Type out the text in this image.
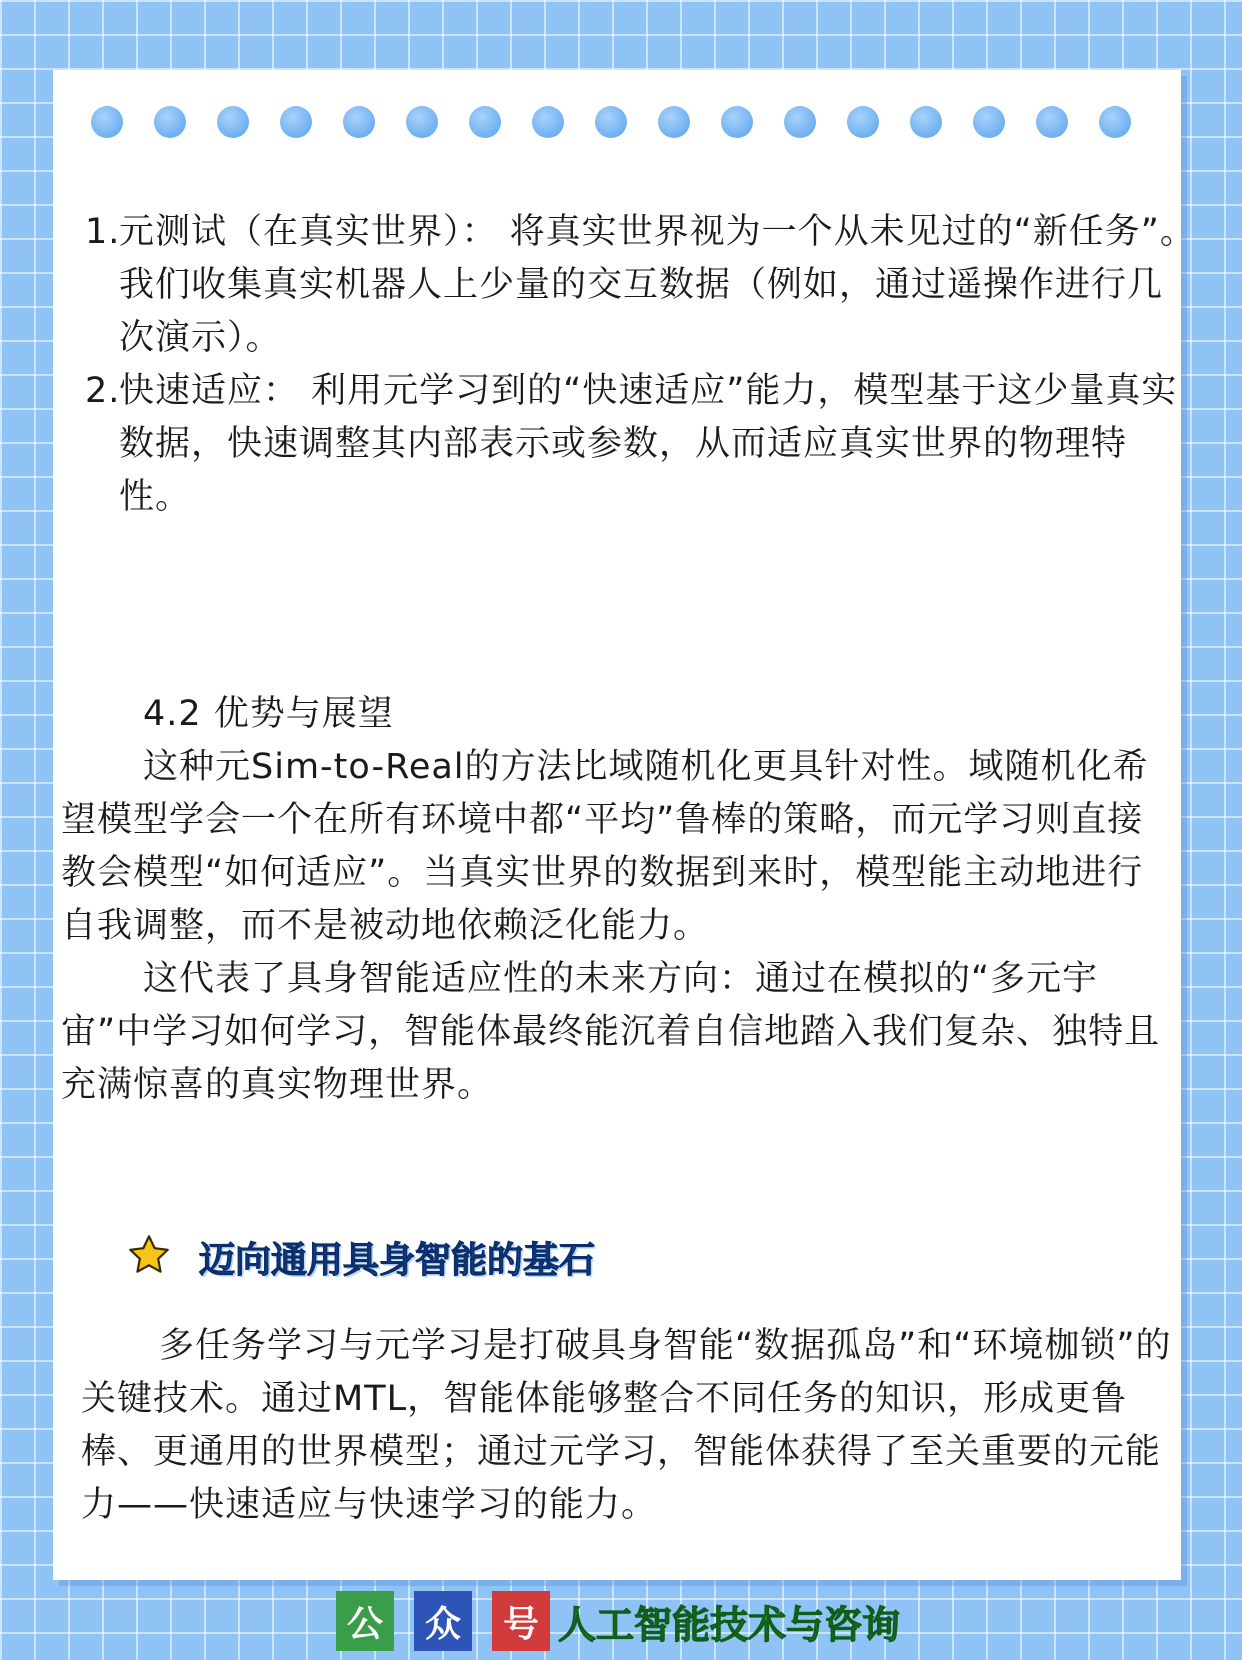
1.
元测试（在真实世界）： 将真实世界视为一个从未见过的“新任务”。我们收集真实机器人上少量的交互数据（例如，通过遥操作进行几次演示）。
2.
快速适应： 利用元学习到的“快速适应”能力，模型基于这少量真实数据，快速调整其内部表示或参数，从而适应真实世界的物理特性。

4.2 优势与展望

这种元Sim-to-Real的方法比域随机化更具针对性。域随机化希望模型学会一个在所有环境中都“平均”鲁棒的策略，而元学习则直接教会模型“如何适应”。当真实世界的数据到来时，模型能主动地进行自我调整，而不是被动地依赖泛化能力。

这代表了具身智能适应性的未来方向：通过在模拟的“多元宇宙”中学习如何学习，智能体最终能沉着自信地踏入我们复杂、独特且充满惊喜的真实物理世界。

迈向通用具身智能的基石

多任务学习与元学习是打破具身智能“数据孤岛”和“环境枷锁”的关键技术。通过MTL，智能体能够整合不同任务的知识，形成更鲁棒、更通用的世界模型；通过元学习，智能体获得了至关重要的元能力——快速适应与快速学习的能力。

公	众	号 人工智能技术与咨询
